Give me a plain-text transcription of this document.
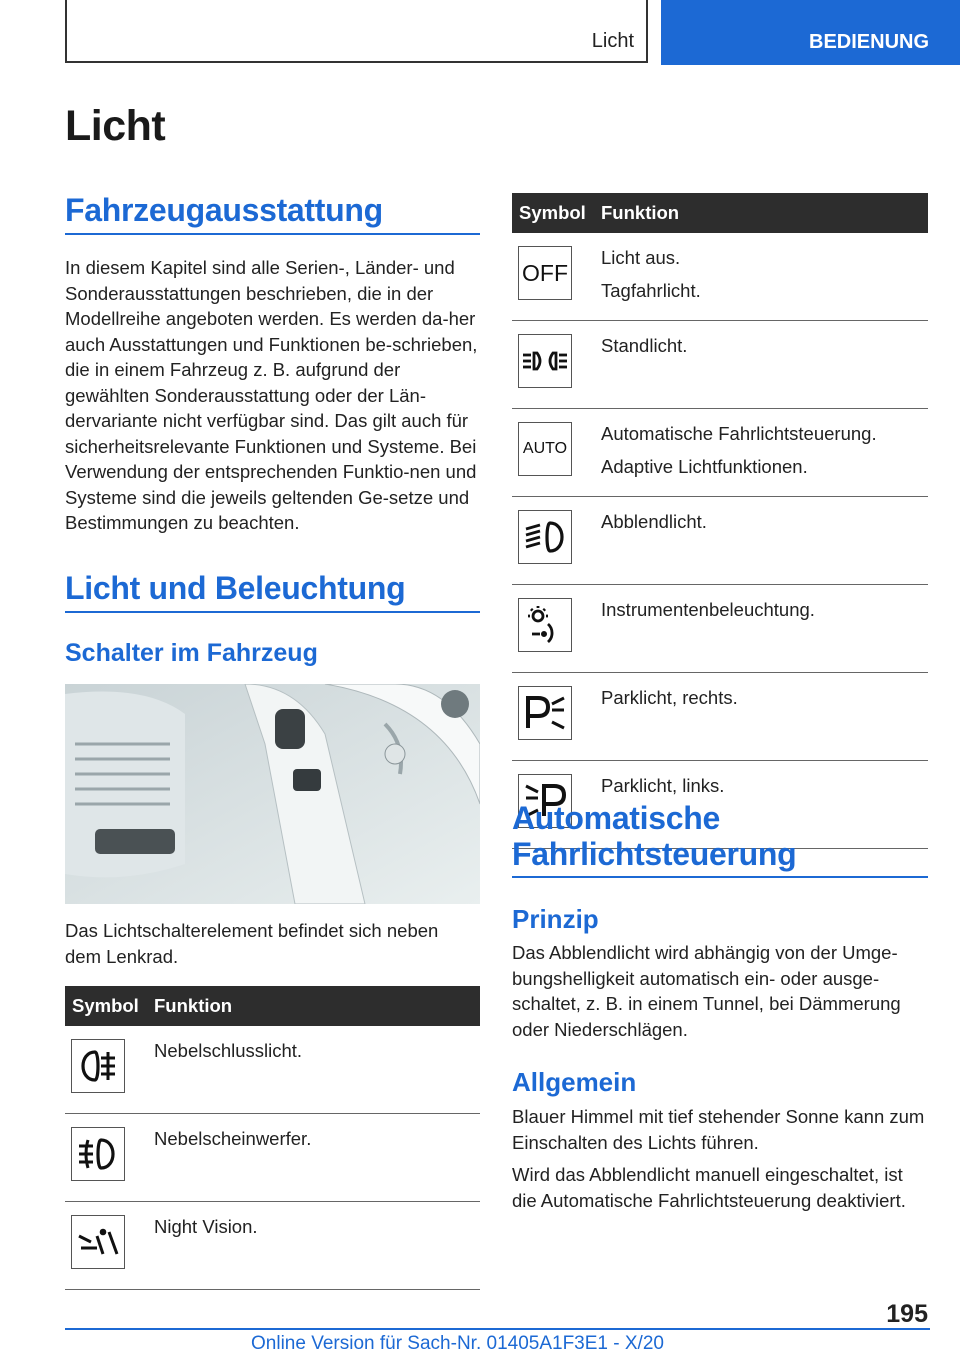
Licht	BEDIENUNG
Licht
Fahrzeugausstattung

In diesem Kapitel sind alle Serien-, Länder- und Sonderausstattungen beschrieben, die in der Modellreihe angeboten werden. Es werden da-her auch Ausstattungen und Funktionen be-schrieben, die in einem Fahrzeug z. B. aufgrund der gewählten Sonderausstattung oder der Län-dervariante nicht verfügbar sind. Das gilt auch für sicherheitsrelevante Funktionen und Systeme. Bei Verwendung der entsprechenden Funktio-nen und Systeme sind die jeweils geltenden Ge-setze und Bestimmungen zu beachten.

Licht und Beleuchtung
Schalter im Fahrzeug

Das Lichtschalterelement befindet sich neben dem Lenkrad.

Symbol	Funktion

Nebelschlusslicht.

Nebelscheinwerfer.

Night Vision.
Symbol	Funktion

OFF	Licht aus.
Tagfahrlicht.

Standlicht.

AUTO	Automatische Fahrlichtsteuerung.
Adaptive Lichtfunktionen.

Abblendlicht.

Instrumentenbeleuchtung.

Parklicht, rechts.

Parklicht, links.
Automatische Fahrlichtsteuerung
Prinzip

Das Abblendlicht wird abhängig von der Umge-bungshelligkeit automatisch ein- oder ausge-schaltet, z. B. in einem Tunnel, bei Dämmerung oder Niederschlägen.

Allgemein

Blauer Himmel mit tief stehender Sonne kann zum Einschalten des Lichts führen.

Wird das Abblendlicht manuell eingeschaltet, ist die Automatische Fahrlichtsteuerung deaktiviert.

195
Online Version für Sach-Nr. 01405A1F3E1 - X/20
